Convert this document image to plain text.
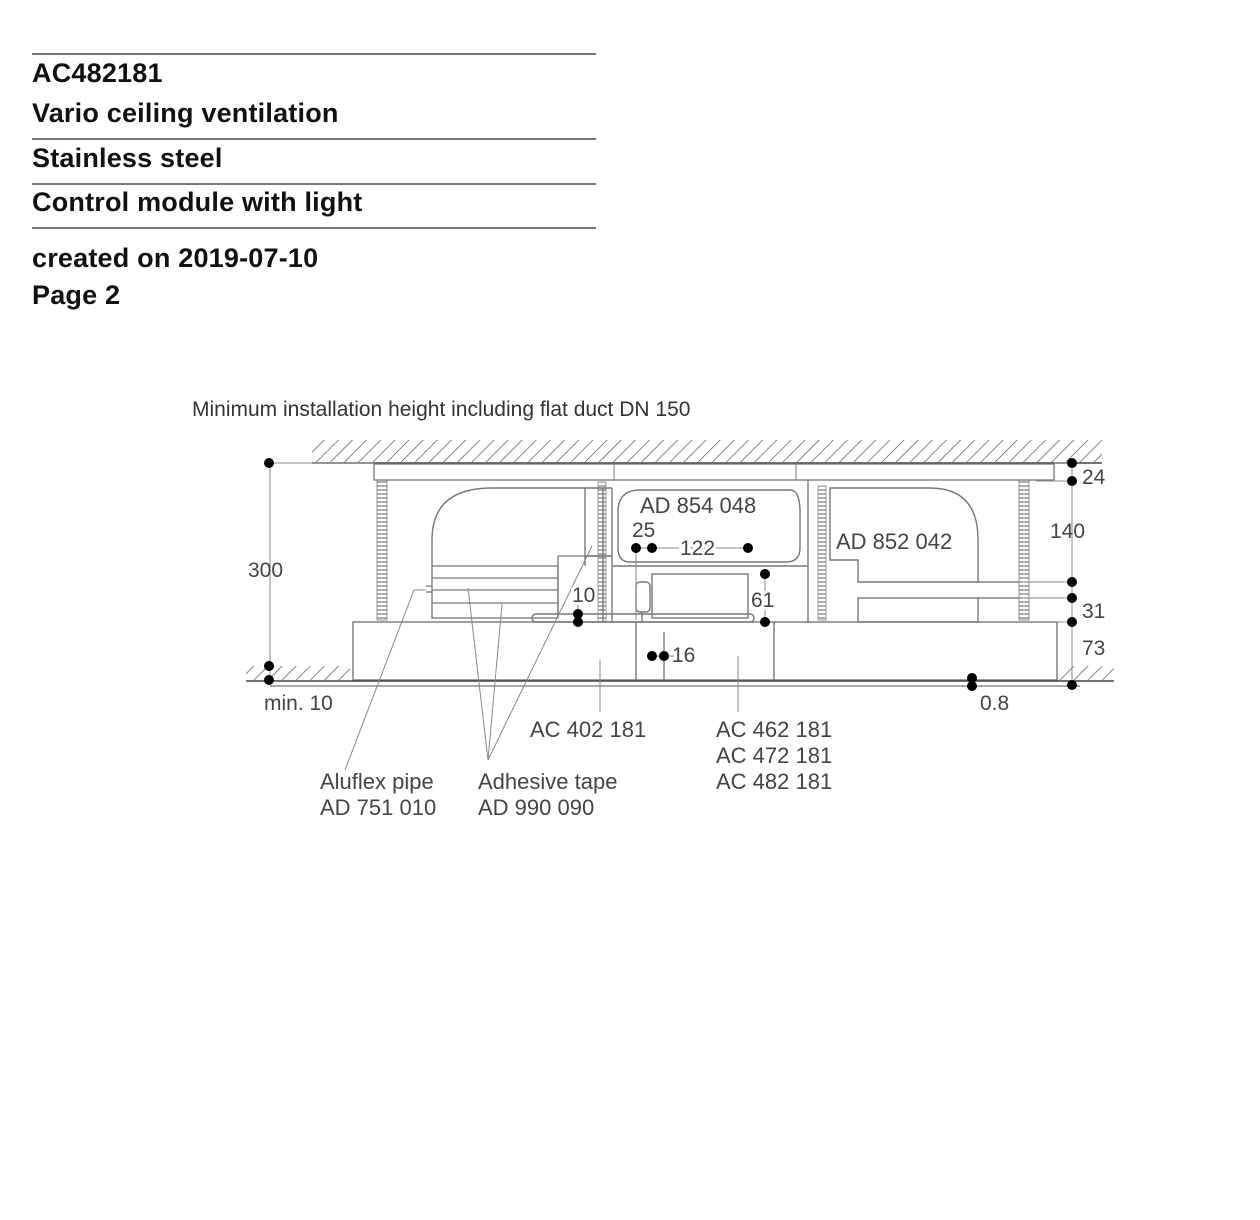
AC482181
Vario ceiling ventilation
Stainless steel
Control module with light
created on 2019-07-10
Page 2
Minimum installation height including flat duct DN 150
300
24
140
31
73
25
122
10	61
16
0.8
min. 10
AD 854 048
AD 852 042
AC 402 181	AC 462 181
AC 472 181
AC 482 181
Aluflex pipe
AD 751 010
Adhesive tape
AD 990 090
